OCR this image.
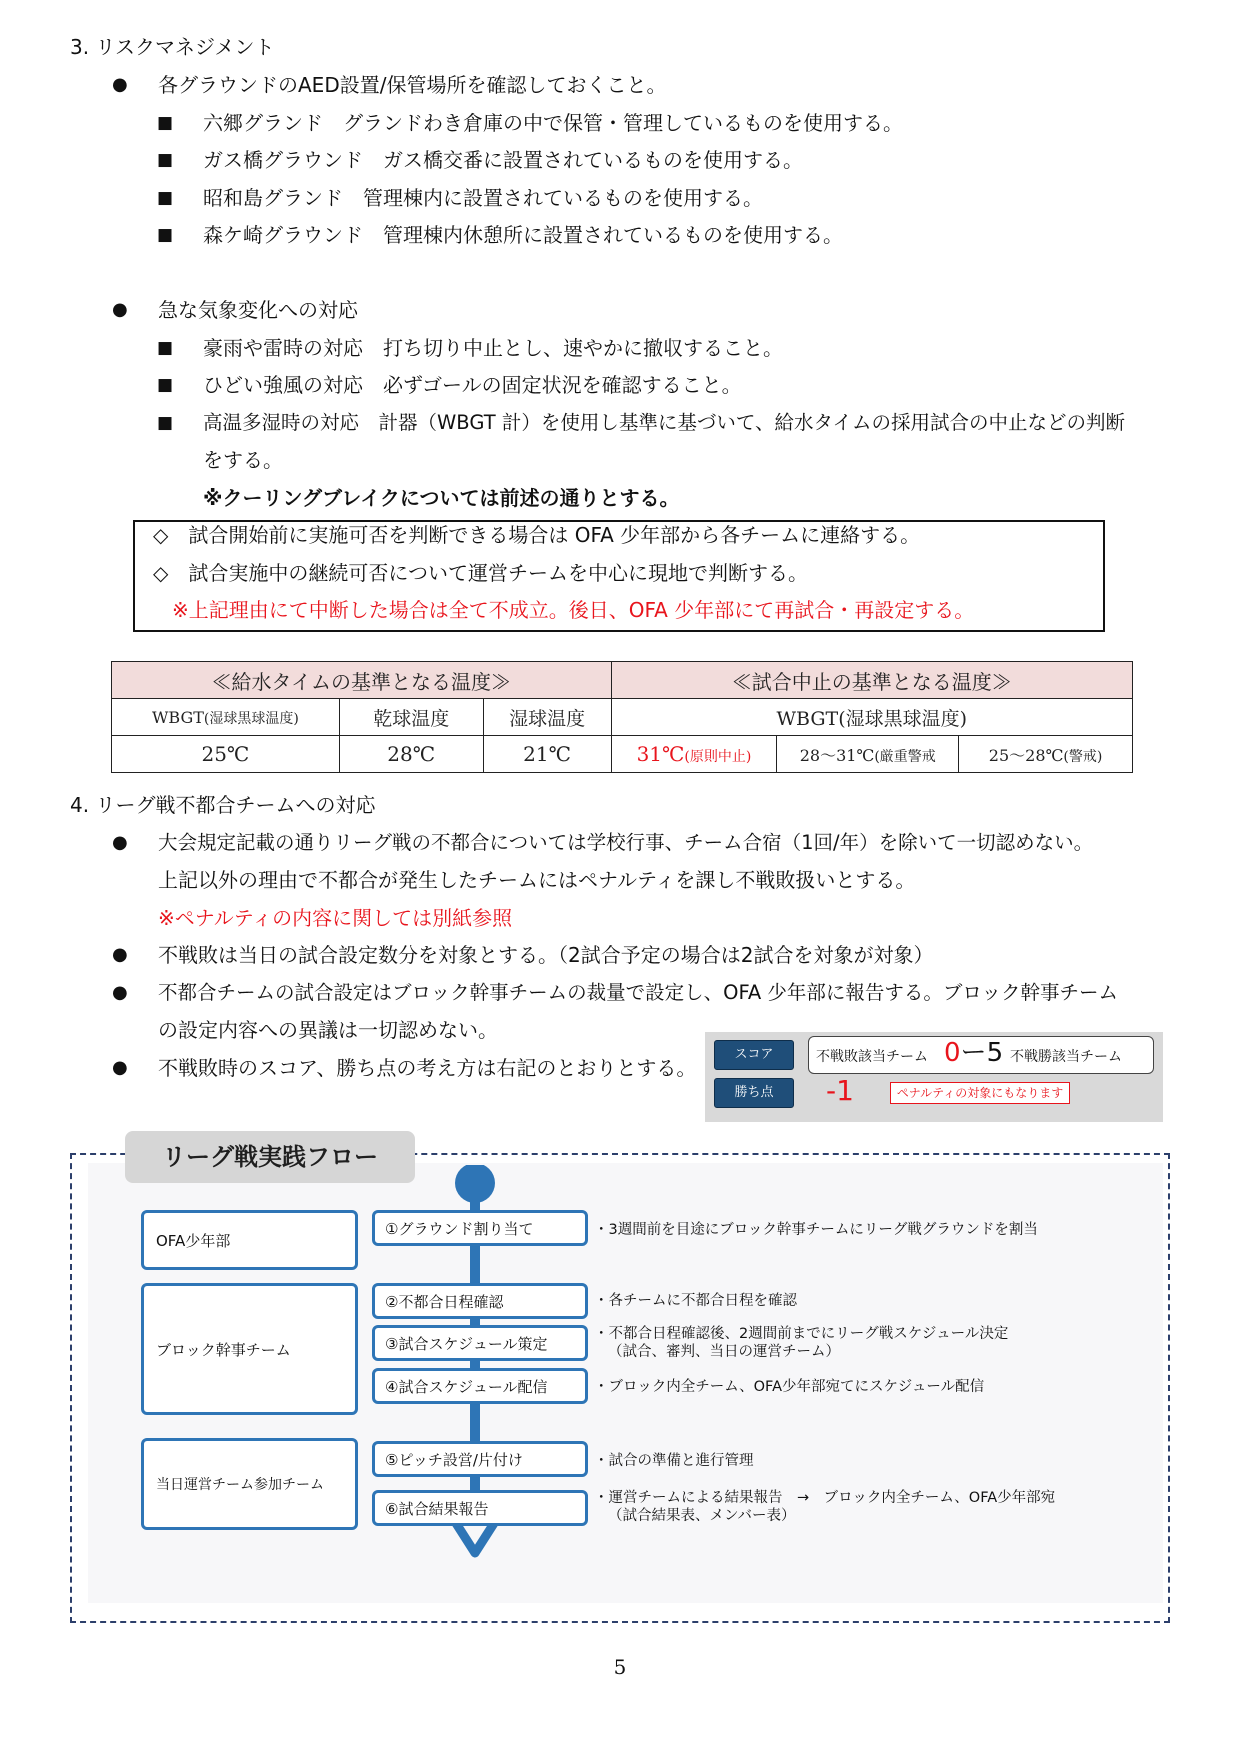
3. リスクマネジメント
● 各グラウンドのAED設置/保管場所を確認しておくこと。
■ 六郷グランド　グランドわき倉庫の中で保管・管理しているものを使用する。
■ ガス橋グラウンド　ガス橋交番に設置されているものを使用する。
■ 昭和島グランド　管理棟内に設置されているものを使用する。
■ 森ケ崎グラウンド　管理棟内休憩所に設置されているものを使用する。
● 急な気象変化への対応
■ 豪雨や雷時の対応　打ち切り中止とし、速やかに撤収すること。
■ ひどい強風の対応　必ずゴールの固定状況を確認すること。
■ 高温多湿時の対応　計器（WBGT 計）を使用し基準に基づいて、給水タイムの採用試合の中止などの判断
をする。
※クーリングブレイクについては前述の通りとする。
◇　試合開始前に実施可否を判断できる場合は OFA 少年部から各チームに連絡する。
◇　試合実施中の継続可否について運営チームを中心に現地で判断する。
※上記理由にて中断した場合は全て不成立。後日、OFA 少年部にて再試合・再設定する。
≪給水タイムの基準となる温度≫			≪試合中止の基準となる温度≫		
WBGT(湿球黒球温度)	乾球温度	湿球温度	WBGT(湿球黒球温度)		
25℃	28℃	21℃	31℃(原則中止)	28～31℃(厳重警戒	25～28℃(警戒)
4. リーグ戦不都合チームへの対応
● 大会規定記載の通りリーグ戦の不都合については学校行事、チーム合宿（1回/年）を除いて一切認めない。
上記以外の理由で不都合が発生したチームにはペナルティを課し不戦敗扱いとする。
※ペナルティの内容に関しては別紙参照
● 不戦敗は当日の試合設定数分を対象とする。（2試合予定の場合は2試合を対象が対象）
● 不都合チームの試合設定はブロック幹事チームの裁量で設定し、OFA 少年部に報告する。ブロック幹事チーム
の設定内容への異議は一切認めない。
● 不戦敗時のスコア、勝ち点の考え方は右記のとおりとする。
スコア
勝ち点
不戦敗該当チーム 0ー5 不戦勝該当チーム
-1	ペナルティの対象にもなります
リーグ戦実践フロー
OFA少年部
ブロック幹事チーム
当日運営チーム参加チーム
①グラウンド割り当て	・3週間前を目途にブロック幹事チームにリーグ戦グラウンドを割当
②不都合日程確認	・各チームに不都合日程を確認
③試合スケジュール策定
・不都合日程確認後、2週間前までにリーグ戦スケジュール決定
（試合、審判、当日の運営チーム）
④試合スケジュール配信	・ブロック内全チーム、OFA少年部宛てにスケジュール配信
⑤ピッチ設営/片付け	・試合の準備と進行管理
⑥試合結果報告
・運営チームによる結果報告　→　ブロック内全チーム、OFA少年部宛
（試合結果表、メンバー表）
5
